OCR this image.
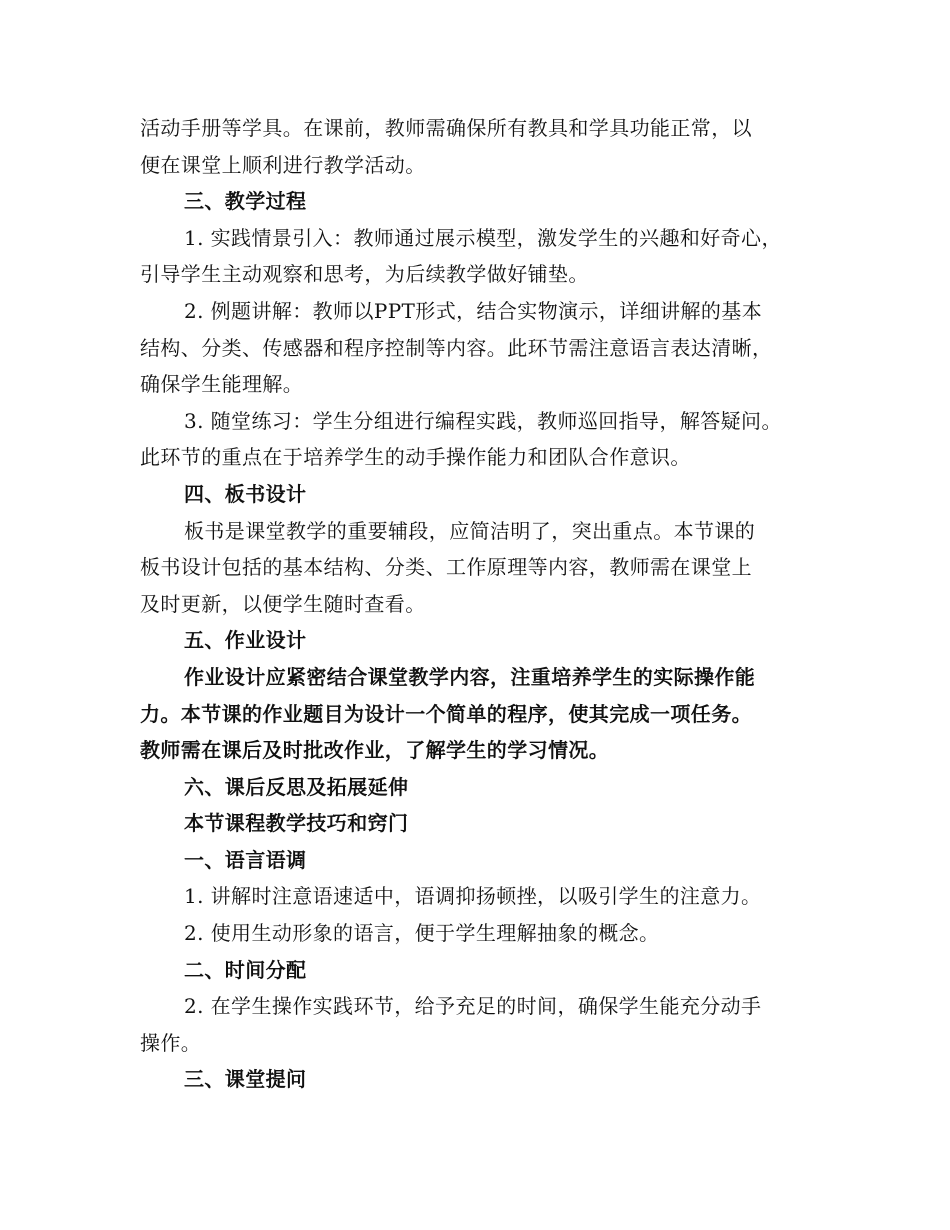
活动手册等学具。在课前，教师需确保所有教具和学具功能正常，以
便在课堂上顺利进行教学活动。
三、教学过程
1. 实践情景引入：教师通过展示模型，激发学生的兴趣和好奇心，
引导学生主动观察和思考，为后续教学做好铺垫。
2. 例题讲解：教师以PPT形式，结合实物演示，详细讲解的基本
结构、分类、传感器和程序控制等内容。此环节需注意语言表达清晰，
确保学生能理解。
3. 随堂练习：学生分组进行编程实践，教师巡回指导，解答疑问。
此环节的重点在于培养学生的动手操作能力和团队合作意识。
四、板书设计
板书是课堂教学的重要辅段，应简洁明了，突出重点。本节课的
板书设计包括的基本结构、分类、工作原理等内容，教师需在课堂上
及时更新，以便学生随时查看。
五、作业设计
作业设计应紧密结合课堂教学内容，注重培养学生的实际操作能
力。本节课的作业题目为设计一个简单的程序，使其完成一项任务。
教师需在课后及时批改作业，了解学生的学习情况。
六、课后反思及拓展延伸
本节课程教学技巧和窍门
一、语言语调
1. 讲解时注意语速适中，语调抑扬顿挫，以吸引学生的注意力。
2. 使用生动形象的语言，便于学生理解抽象的概念。
二、时间分配
2. 在学生操作实践环节，给予充足的时间，确保学生能充分动手
操作。
三、课堂提问
